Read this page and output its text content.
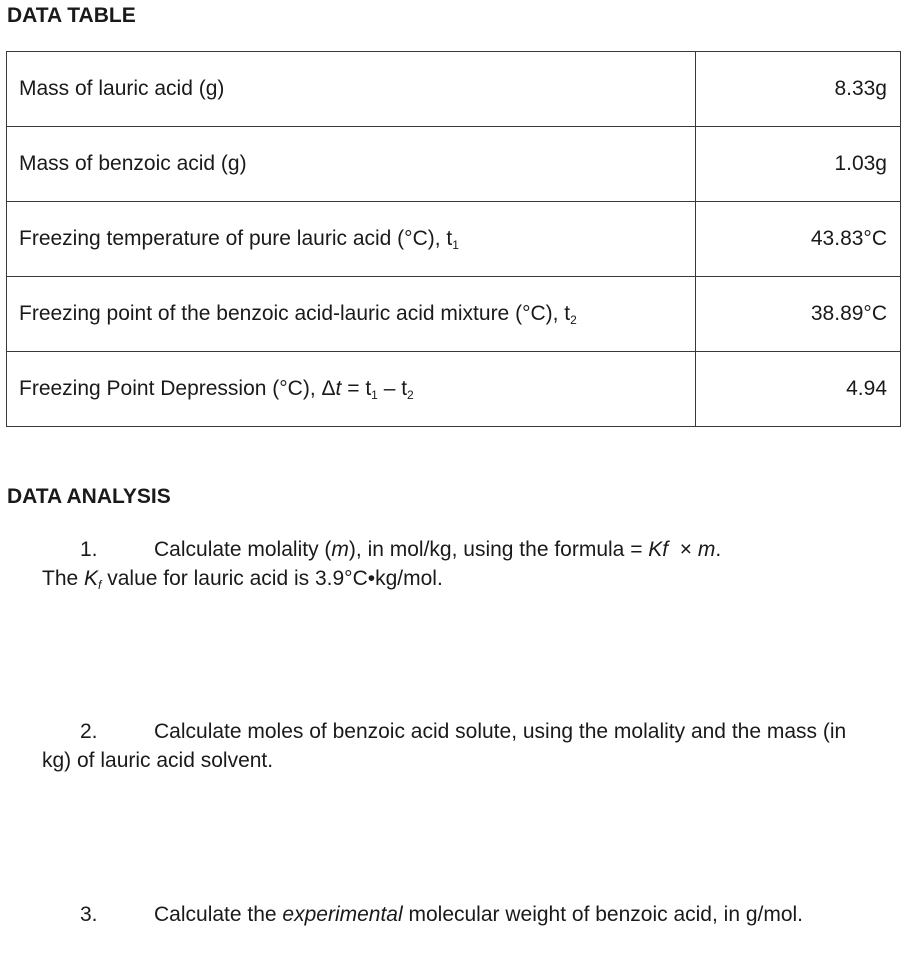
DATA TABLE
Mass of lauric acid (g)	8.33g
Mass of benzoic acid (g)	1.03g
Freezing temperature of pure lauric acid (°C), $t_1$	43.83°C
Freezing point of the benzoic acid-lauric acid mixture (°C), $t_2$	38.89°C
Freezing Point Depression (°C), $\Delta t = t_1 - t_2$	4.94
DATA ANALYSIS

1.	Calculate molality (m), in mol/kg, using the formula = Kf  × m.
The $K_f$ value for lauric acid is 3.9°C•kg/mol.

2.	Calculate moles of benzoic acid solute, using the molality and the mass (in kg) of lauric acid solvent.

3.	Calculate the experimental molecular weight of benzoic acid, in g/mol.
